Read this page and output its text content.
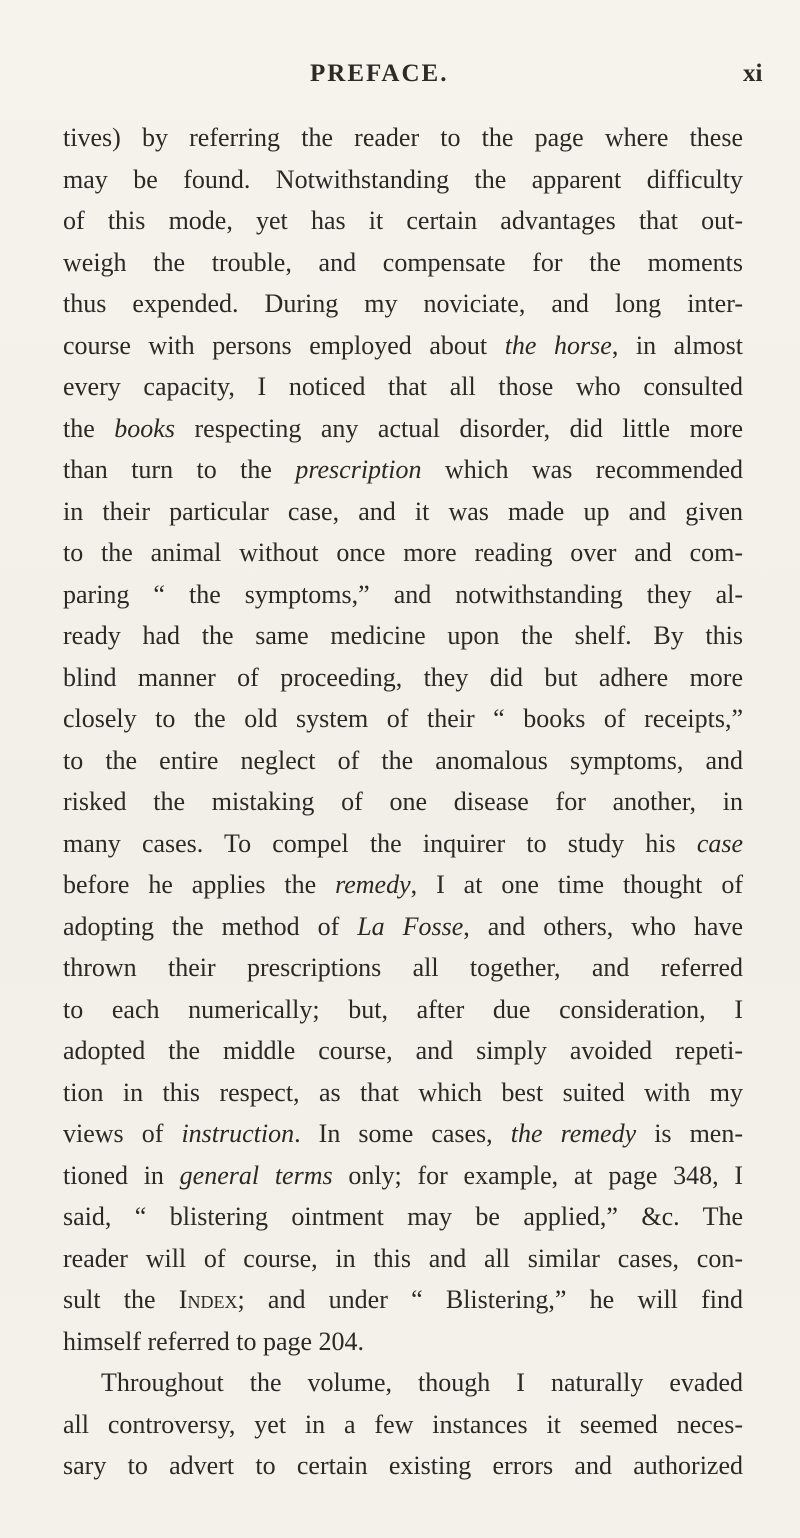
PREFACE.	xi
tives) by referring the reader to the page where these
may be found. Notwithstanding the apparent difficulty
of this mode, yet has it certain advantages that out-
weigh the trouble, and compensate for the moments
thus expended. During my noviciate, and long inter-
course with persons employed about the horse, in almost
every capacity, I noticed that all those who consulted
the books respecting any actual disorder, did little more
than turn to the prescription which was recommended
in their particular case, and it was made up and given
to the animal without once more reading over and com-
paring “ the symptoms,” and notwithstanding they al-
ready had the same medicine upon the shelf. By this
blind manner of proceeding, they did but adhere more
closely to the old system of their “ books of receipts,”
to the entire neglect of the anomalous symptoms, and
risked the mistaking of one disease for another, in
many cases. To compel the inquirer to study his case
before he applies the remedy, I at one time thought of
adopting the method of La Fosse, and others, who have
thrown their prescriptions all together, and referred
to each numerically; but, after due consideration, I
adopted the middle course, and simply avoided repeti-
tion in this respect, as that which best suited with my
views of instruction. In some cases, the remedy is men-
tioned in general terms only; for example, at page 348, I
said, “ blistering ointment may be applied,” &c. The
reader will of course, in this and all similar cases, con-
sult the Index; and under “ Blistering,” he will find
himself referred to page 204.
Throughout the volume, though I naturally evaded
all controversy, yet in a few instances it seemed neces-
sary to advert to certain existing errors and authorized
